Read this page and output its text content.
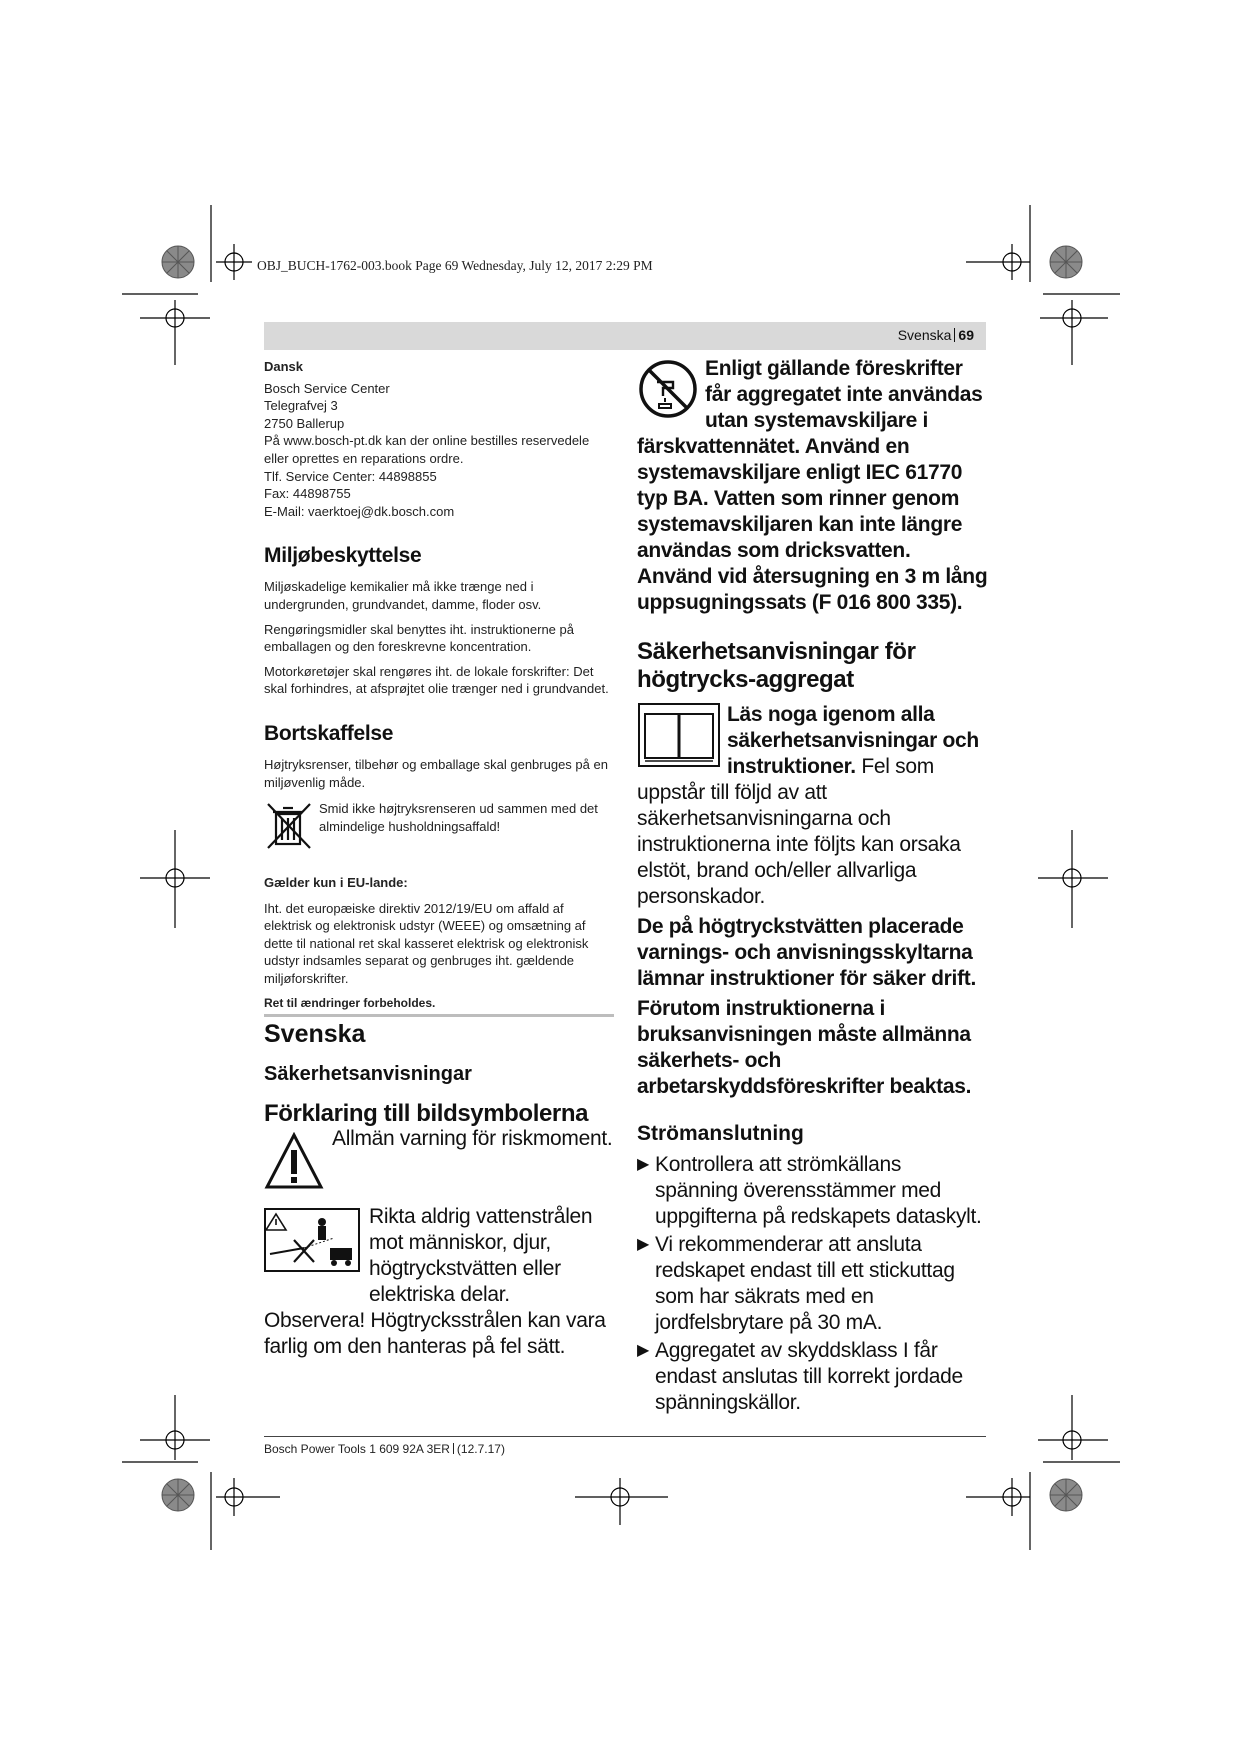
OBJ_BUCH-1762-003.book Page 69 Wednesday, July 12, 2017 2:29 PM
Svenska 69
Dansk
Bosch Service Center
Telegrafvej 3
2750 Ballerup
På www.bosch-pt.dk kan der online bestilles reservedele eller oprettes en reparations ordre.
Tlf. Service Center: 44898855
Fax: 44898755
E-Mail: vaerktoej@dk.bosch.com
Miljøbeskyttelse

Miljøskadelige kemikalier må ikke trænge ned i undergrunden, grundvandet, damme, floder osv.

Rengøringsmidler skal benyttes iht. instruktionerne på emballagen og den foreskrevne koncentration.

Motorkøretøjer skal rengøres iht. de lokale forskrifter: Det skal forhindres, at afsprøjtet olie trænger ned i grundvandet.

Bortskaffelse

Højtryksrenser, tilbehør og emballage skal genbruges på en miljøvenlig måde.

Smid ikke højtryksrenseren ud sammen med det almindelige husholdningsaffald!
Gælder kun i EU-lande:

Iht. det europæiske direktiv 2012/19/EU om affald af elektrisk og elektronisk udstyr (WEEE) og omsætning af dette til national ret skal kasseret elektrisk og elektronisk udstyr indsamles separat og genbruges iht. gældende miljøforskrifter.

Ret til ændringer forbeholdes.
Svenska
Säkerhetsanvisningar
Förklaring till bildsymbolerna
Allmän varning för riskmoment.
Rikta aldrig vattenstrålen mot människor, djur, högtryckstvätten eller elektriska delar.
Observera! Högtrycksstrålen kan vara farlig om den hanteras på fel sätt.
Enligt gällande föreskrifter får aggregatet inte användas utan systemavskiljare i färskvattennätet. Använd en systemavskiljare enligt IEC 61770 typ BA. Vatten som rinner genom systemavskiljaren kan inte längre användas som dricksvatten. Använd vid återsugning en 3 m lång uppsugningssats (F 016 800 335).
Säkerhetsanvisningar för högtrycks-aggregat
Läs noga igenom alla säkerhetsanvisningar och instruktioner. Fel som uppstår till följd av att säkerhetsanvisningarna och instruktionerna inte följts kan orsaka elstöt, brand och/eller allvarliga personskador.
De på högtryckstvätten placerade varnings- och anvisningsskyltarna lämnar instruktioner för säker drift.
Förutom instruktionerna i bruksanvisningen måste allmänna säkerhets- och arbetarskyddsföreskrifter beaktas.
Strömanslutning
▶ Kontrollera att strömkällans spänning överensstämmer med uppgifterna på redskapets dataskylt.
▶ Vi rekommenderar att ansluta redskapet endast till ett stickuttag som har säkrats med en jordfelsbrytare på 30 mA.
▶ Aggregatet av skyddsklass I får endast anslutas till korrekt jordade spänningskällor.
Bosch Power Tools 1 609 92A 3ER (12.7.17)
